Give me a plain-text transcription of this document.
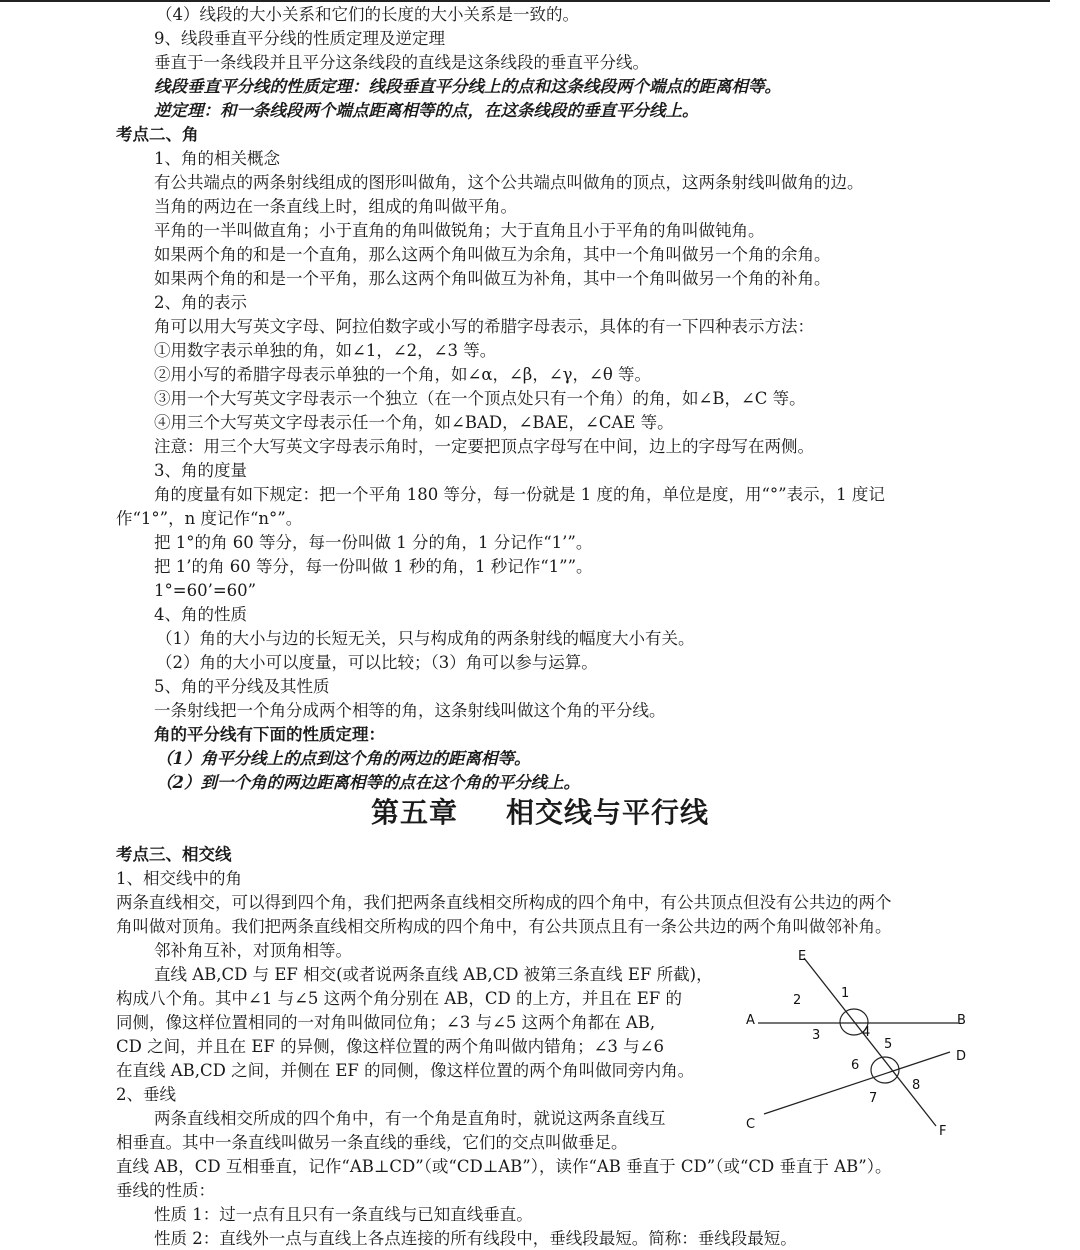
（4）线段的大小关系和它们的长度的大小关系是一致的。
9、线段垂直平分线的性质定理及逆定理
垂直于一条线段并且平分这条线段的直线是这条线段的垂直平分线。
线段垂直平分线的性质定理：线段垂直平分线上的点和这条线段两个端点的距离相等。
逆定理：和一条线段两个端点距离相等的点，在这条线段的垂直平分线上。
考点二、角
1、角的相关概念
有公共端点的两条射线组成的图形叫做角，这个公共端点叫做角的顶点，这两条射线叫做角的边。
当角的两边在一条直线上时，组成的角叫做平角。
平角的一半叫做直角；小于直角的角叫做锐角；大于直角且小于平角的角叫做钝角。
如果两个角的和是一个直角，那么这两个角叫做互为余角，其中一个角叫做另一个角的余角。
如果两个角的和是一个平角，那么这两个角叫做互为补角，其中一个角叫做另一个角的补角。
2、角的表示
角可以用大写英文字母、阿拉伯数字或小写的希腊字母表示，具体的有一下四种表示方法：
①用数字表示单独的角，如∠1，∠2，∠3 等。
②用小写的希腊字母表示单独的一个角，如∠α，∠β，∠γ，∠θ 等。
③用一个大写英文字母表示一个独立（在一个顶点处只有一个角）的角，如∠B，∠C 等。
④用三个大写英文字母表示任一个角，如∠BAD，∠BAE，∠CAE 等。
注意：用三个大写英文字母表示角时，一定要把顶点字母写在中间，边上的字母写在两侧。
3、角的度量
角的度量有如下规定：把一个平角 180 等分，每一份就是 1 度的角，单位是度，用“°”表示，1 度记
作“1°”，n 度记作“n°”。
把 1°的角 60 等分，每一份叫做 1 分的角，1 分记作“1’”。
把 1’的角 60 等分，每一份叫做 1 秒的角，1 秒记作“1””。
1°=60’=60”
4、角的性质
（1）角的大小与边的长短无关，只与构成角的两条射线的幅度大小有关。
（2）角的大小可以度量，可以比较；（3）角可以参与运算。
5、角的平分线及其性质
一条射线把一个角分成两个相等的角，这条射线叫做这个角的平分线。
角的平分线有下面的性质定理：
（1）角平分线上的点到这个角的两边的距离相等。
（2）到一个角的两边距离相等的点在这个角的平分线上。
考点三、相交线
1、相交线中的角
两条直线相交，可以得到四个角，我们把两条直线相交所构成的四个角中，有公共顶点但没有公共边的两个
角叫做对顶角。我们把两条直线相交所构成的四个角中，有公共顶点且有一条公共边的两个角叫做邻补角。
邻补角互补，对顶角相等。
直线 AB,CD 与 EF 相交(或者说两条直线 AB,CD 被第三条直线 EF 所截)，
构成八个角。其中∠1 与∠5 这两个角分别在 AB，CD 的上方，并且在 EF 的
同侧，像这样位置相同的一对角叫做同位角；∠3 与∠5 这两个角都在 AB,
CD 之间，并且在 EF 的异侧，像这样位置的两个角叫做内错角；∠3 与∠6
在直线 AB,CD 之间，并侧在 EF 的同侧，像这样位置的两个角叫做同旁内角。
2、垂线
两条直线相交所成的四个角中，有一个角是直角时，就说这两条直线互
相垂直。其中一条直线叫做另一条直线的垂线，它们的交点叫做垂足。
直线 AB，CD 互相垂直，记作“AB⊥CD”（或“CD⊥AB”），读作“AB 垂直于 CD”（或“CD 垂直于 AB”）。
垂线的性质：
性质 1：过一点有且只有一条直线与已知直线垂直。
性质 2：直线外一点与直线上各点连接的所有线段中，垂线段最短。简称：垂线段最短。
第五章 相交线与平行线
E
A	B
C
D
F
1
2
3	4
5
6
7
8
